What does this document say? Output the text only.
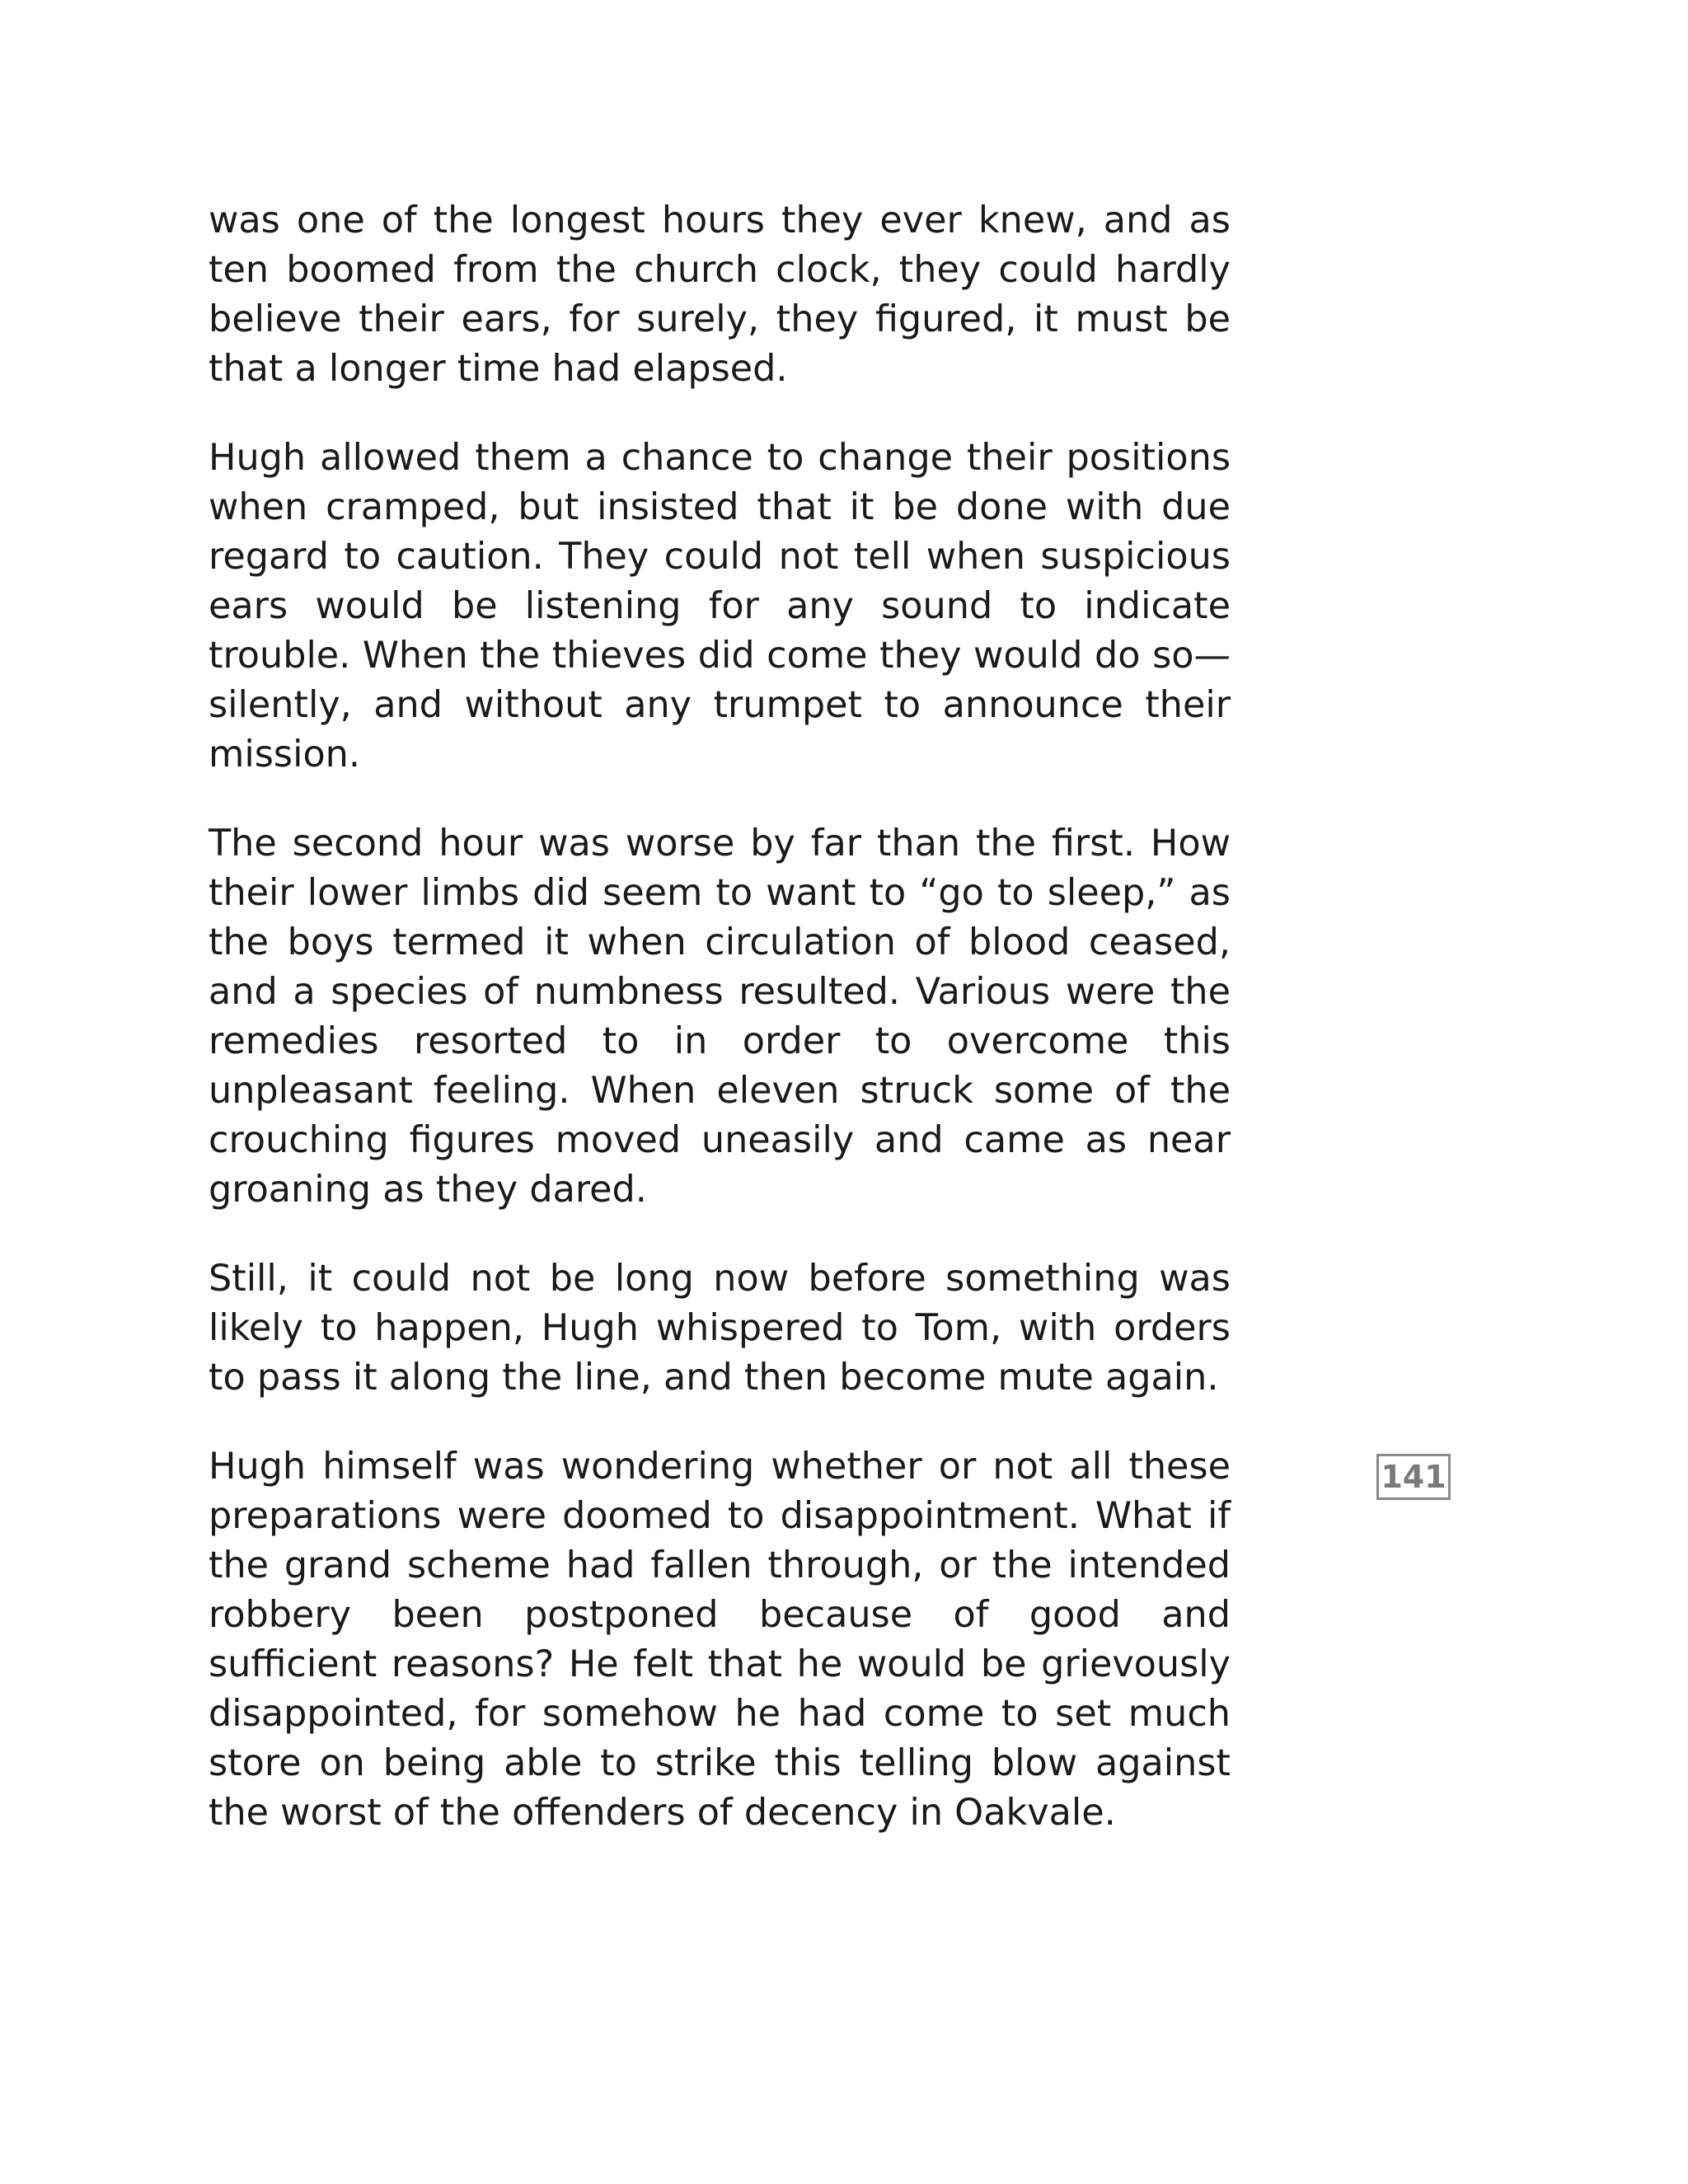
was one of the longest hours they ever knew, and as ten boomed from the church clock, they could hardly believe their ears, for surely, they figured, it must be that a longer time had elapsed.

Hugh allowed them a chance to change their positions when cramped, but insisted that it be done with due regard to caution. They could not tell when suspicious ears would be listening for any sound to indicate trouble. When the thieves did come they would do so—silently, and without any trumpet to announce their mission.

The second hour was worse by far than the first. How their lower limbs did seem to want to “go to sleep,” as the boys termed it when circulation of blood ceased, and a species of numbness resulted. Various were the remedies resorted to in order to overcome this unpleasant feeling. When eleven struck some of the crouching figures moved uneasily and came as near groaning as they dared.

Still, it could not be long now before something was likely to happen, Hugh whispered to Tom, with orders to pass it along the line, and then become mute again.

Hugh himself was wondering whether or not all these preparations were doomed to disappointment. What if the grand scheme had fallen through, or the intended robbery been postponed because of good and sufficient reasons? He felt that he would be grievously disappointed, for somehow he had come to set much store on being able to strike this telling blow against the worst of the offenders of decency in Oakvale.

141
